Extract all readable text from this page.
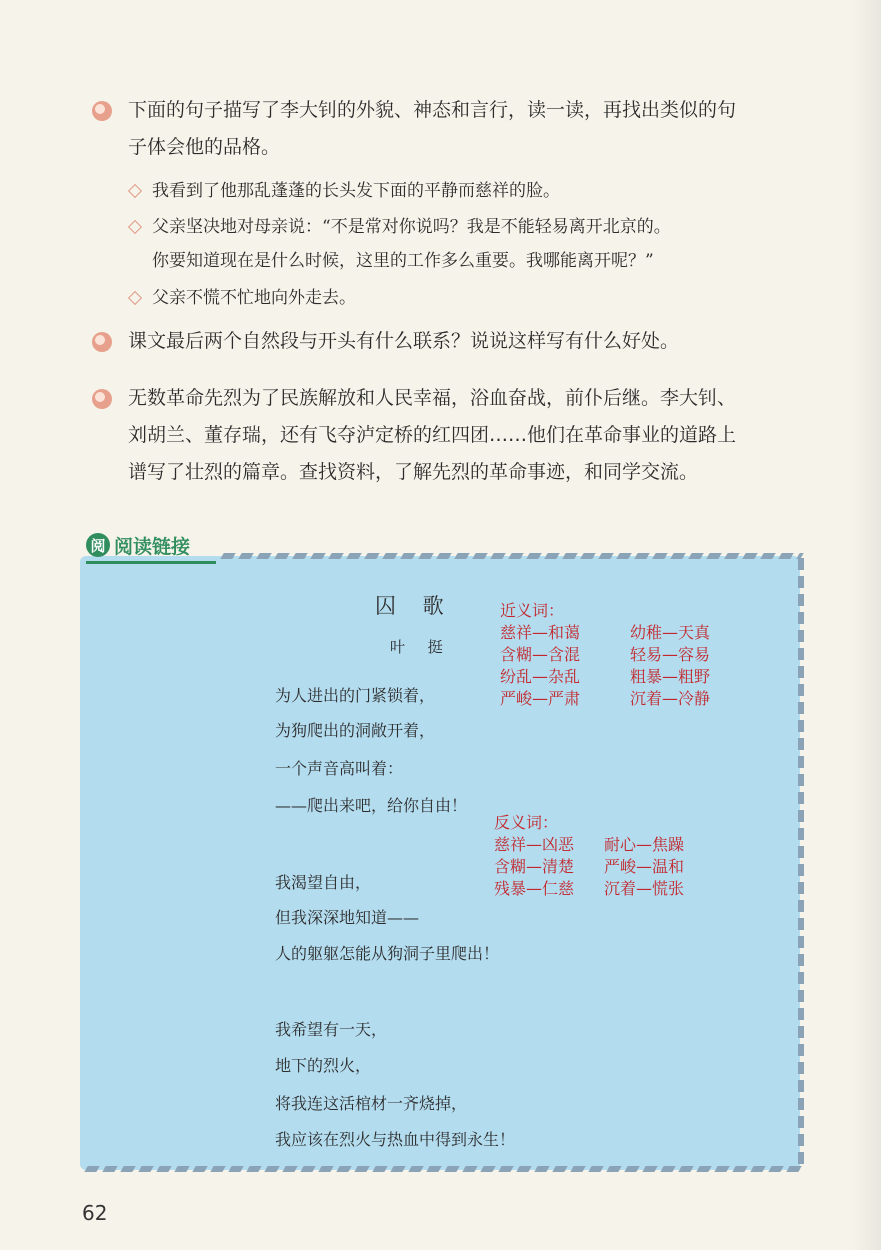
下面的句子描写了李大钊的外貌、神态和言行，读一读，再找出类似的句
子体会他的品格。
我看到了他那乱蓬蓬的长头发下面的平静而慈祥的脸。
父亲坚决地对母亲说：“不是常对你说吗？我是不能轻易离开北京的。
你要知道现在是什么时候，这里的工作多么重要。我哪能离开呢？”
父亲不慌不忙地向外走去。
课文最后两个自然段与开头有什么联系？说说这样写有什么好处。
无数革命先烈为了民族解放和人民幸福，浴血奋战，前仆后继。李大钊、
刘胡兰、董存瑞，还有飞夺泸定桥的红四团……他们在革命事业的道路上
谱写了壮烈的篇章。查找资料，了解先烈的革命事迹，和同学交流。
阅 阅读链接
囚 歌
叶 挺
为人进出的门紧锁着，
为狗爬出的洞敞开着，
一个声音高叫着：
——爬出来吧，给你自由！
我渴望自由，
但我深深地知道——
人的躯躯怎能从狗洞子里爬出！
我希望有一天，
地下的烈火，
将我连这活棺材一齐烧掉，
我应该在烈火与热血中得到永生！
近义词：
慈祥—和蔼	幼稚—天真
含糊—含混	轻易—容易
纷乱—杂乱	粗暴—粗野
严峻—严肃	沉着—冷静
反义词：
慈祥—凶恶	耐心—焦躁
含糊—清楚	严峻—温和
残暴—仁慈	沉着—慌张
62
